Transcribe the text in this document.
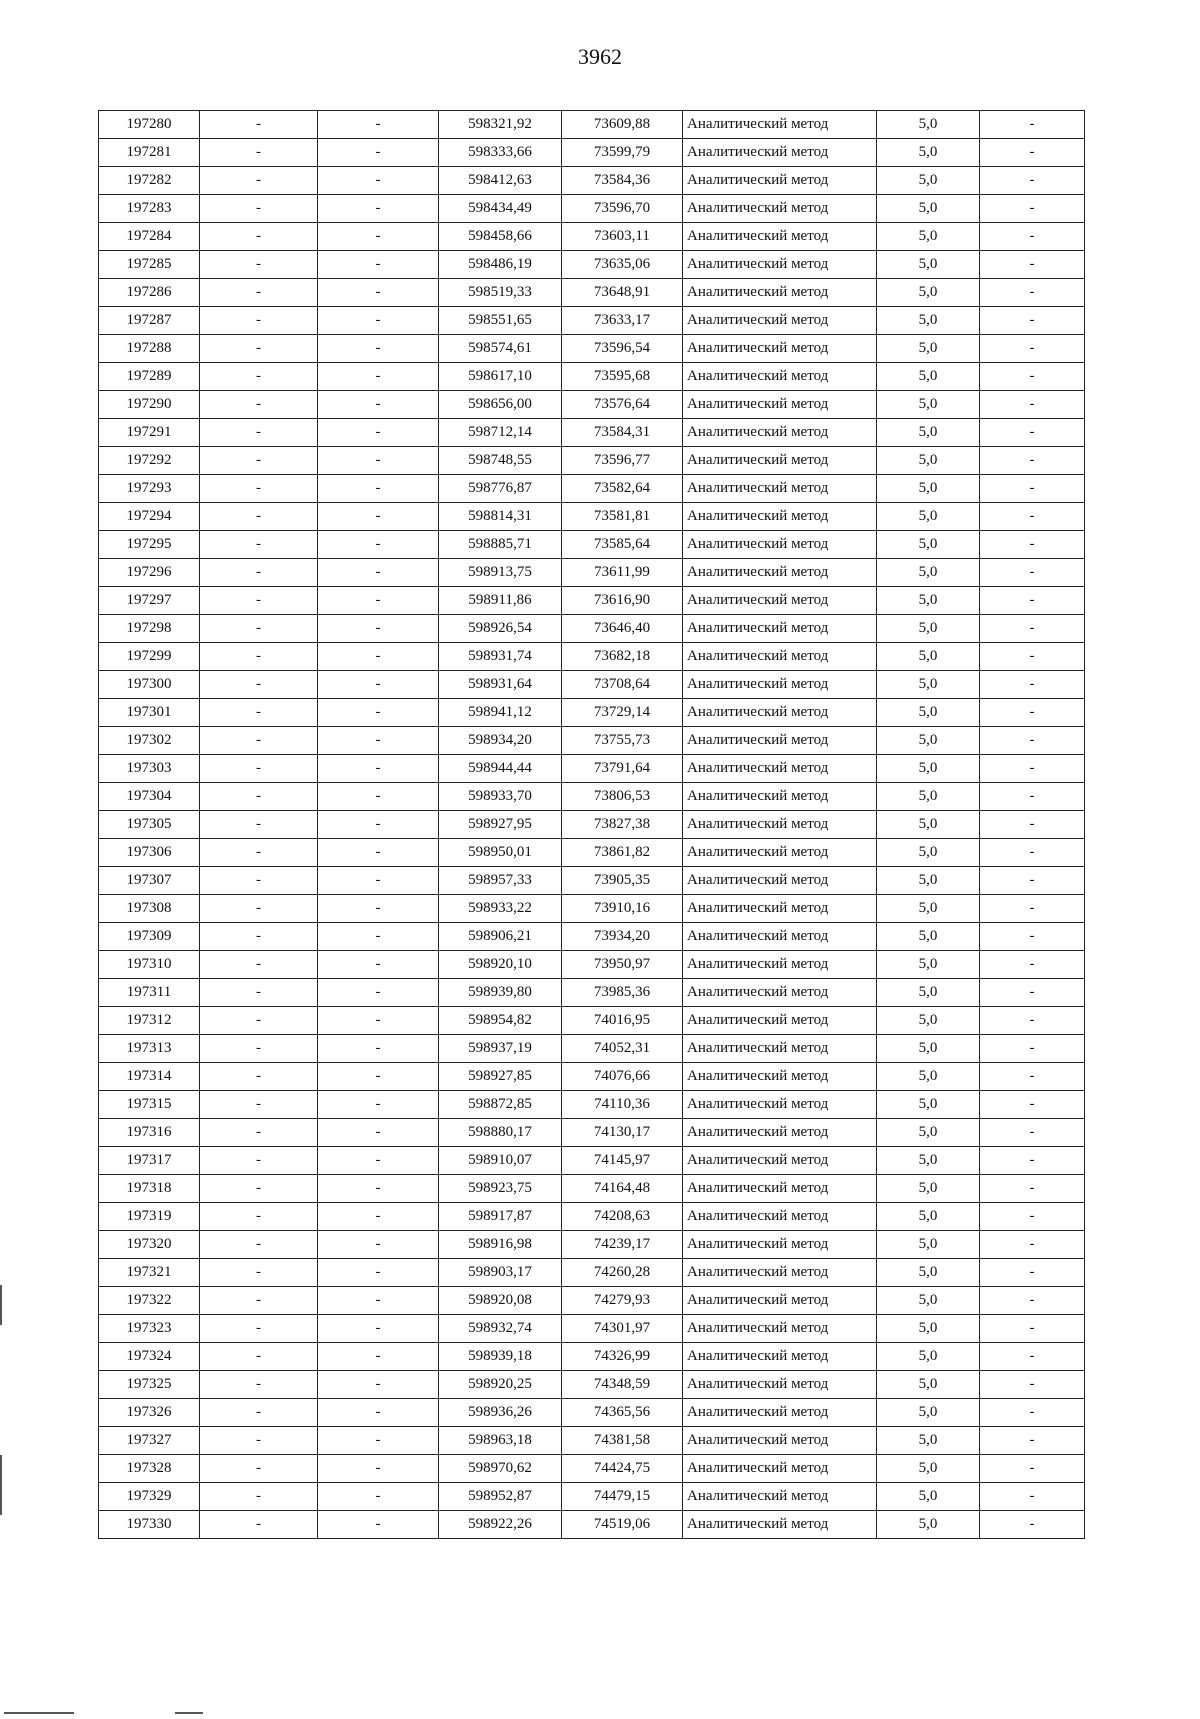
3962
197280	-	-	598321,92	73609,88	Аналитический метод	5,0	-
197281	-	-	598333,66	73599,79	Аналитический метод	5,0	-
197282	-	-	598412,63	73584,36	Аналитический метод	5,0	-
197283	-	-	598434,49	73596,70	Аналитический метод	5,0	-
197284	-	-	598458,66	73603,11	Аналитический метод	5,0	-
197285	-	-	598486,19	73635,06	Аналитический метод	5,0	-
197286	-	-	598519,33	73648,91	Аналитический метод	5,0	-
197287	-	-	598551,65	73633,17	Аналитический метод	5,0	-
197288	-	-	598574,61	73596,54	Аналитический метод	5,0	-
197289	-	-	598617,10	73595,68	Аналитический метод	5,0	-
197290	-	-	598656,00	73576,64	Аналитический метод	5,0	-
197291	-	-	598712,14	73584,31	Аналитический метод	5,0	-
197292	-	-	598748,55	73596,77	Аналитический метод	5,0	-
197293	-	-	598776,87	73582,64	Аналитический метод	5,0	-
197294	-	-	598814,31	73581,81	Аналитический метод	5,0	-
197295	-	-	598885,71	73585,64	Аналитический метод	5,0	-
197296	-	-	598913,75	73611,99	Аналитический метод	5,0	-
197297	-	-	598911,86	73616,90	Аналитический метод	5,0	-
197298	-	-	598926,54	73646,40	Аналитический метод	5,0	-
197299	-	-	598931,74	73682,18	Аналитический метод	5,0	-
197300	-	-	598931,64	73708,64	Аналитический метод	5,0	-
197301	-	-	598941,12	73729,14	Аналитический метод	5,0	-
197302	-	-	598934,20	73755,73	Аналитический метод	5,0	-
197303	-	-	598944,44	73791,64	Аналитический метод	5,0	-
197304	-	-	598933,70	73806,53	Аналитический метод	5,0	-
197305	-	-	598927,95	73827,38	Аналитический метод	5,0	-
197306	-	-	598950,01	73861,82	Аналитический метод	5,0	-
197307	-	-	598957,33	73905,35	Аналитический метод	5,0	-
197308	-	-	598933,22	73910,16	Аналитический метод	5,0	-
197309	-	-	598906,21	73934,20	Аналитический метод	5,0	-
197310	-	-	598920,10	73950,97	Аналитический метод	5,0	-
197311	-	-	598939,80	73985,36	Аналитический метод	5,0	-
197312	-	-	598954,82	74016,95	Аналитический метод	5,0	-
197313	-	-	598937,19	74052,31	Аналитический метод	5,0	-
197314	-	-	598927,85	74076,66	Аналитический метод	5,0	-
197315	-	-	598872,85	74110,36	Аналитический метод	5,0	-
197316	-	-	598880,17	74130,17	Аналитический метод	5,0	-
197317	-	-	598910,07	74145,97	Аналитический метод	5,0	-
197318	-	-	598923,75	74164,48	Аналитический метод	5,0	-
197319	-	-	598917,87	74208,63	Аналитический метод	5,0	-
197320	-	-	598916,98	74239,17	Аналитический метод	5,0	-
197321	-	-	598903,17	74260,28	Аналитический метод	5,0	-
197322	-	-	598920,08	74279,93	Аналитический метод	5,0	-
197323	-	-	598932,74	74301,97	Аналитический метод	5,0	-
197324	-	-	598939,18	74326,99	Аналитический метод	5,0	-
197325	-	-	598920,25	74348,59	Аналитический метод	5,0	-
197326	-	-	598936,26	74365,56	Аналитический метод	5,0	-
197327	-	-	598963,18	74381,58	Аналитический метод	5,0	-
197328	-	-	598970,62	74424,75	Аналитический метод	5,0	-
197329	-	-	598952,87	74479,15	Аналитический метод	5,0	-
197330	-	-	598922,26	74519,06	Аналитический метод	5,0	-
